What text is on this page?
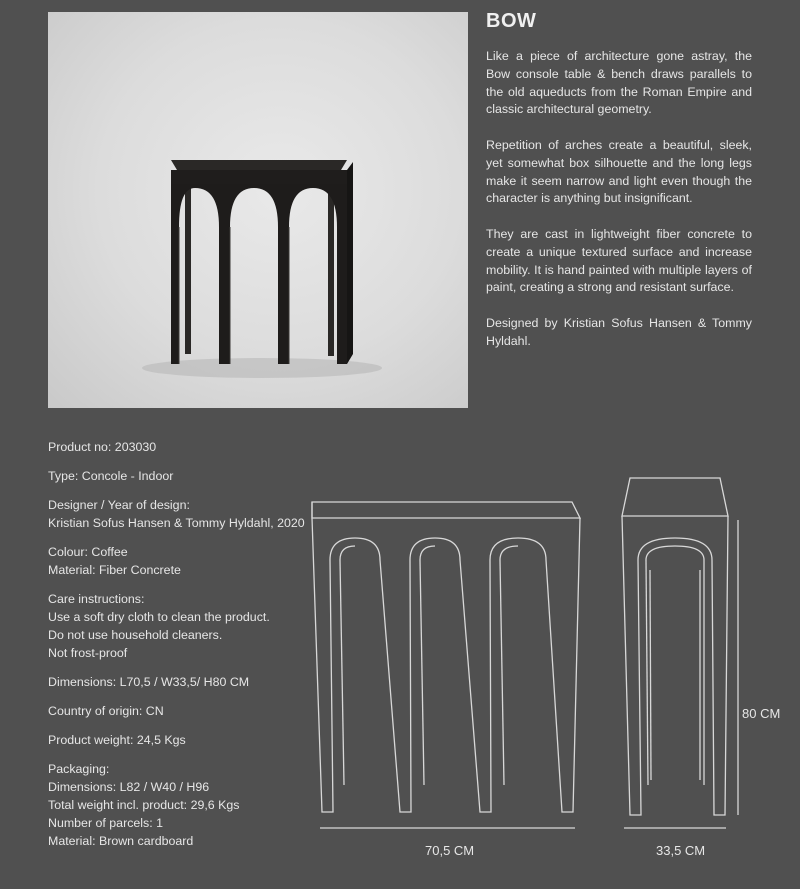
BOW

Like a piece of architecture gone astray, the Bow console table & bench draws parallels to the old aqueducts from the Roman Empire and classic architectural geometry.

Repetition of arches create a beautiful, sleek, yet somewhat box silhouette and the long legs make it seem narrow and light even though the character is anything but insignificant.

They are cast in lightweight fiber concrete to create a unique textured surface and increase mobility. It is hand painted with multiple layers of paint, creating a strong and resistant surface.

Designed by Kristian Sofus Hansen & Tommy Hyldahl.

Product no: 203030
Type: Concole - Indoor
Designer / Year of design:
Kristian Sofus Hansen & Tommy Hyldahl, 2020
Colour: Coffee
Material: Fiber Concrete
Care instructions:
Use a soft dry cloth to clean the product.
Do not use household cleaners.
Not frost-proof
Dimensions: L70,5 / W33,5/ H80 CM
Country of origin: CN
Product weight: 24,5 Kgs
Packaging:
Dimensions: L82 / W40 / H96
Total weight incl. product: 29,6 Kgs
Number of parcels: 1
Material: Brown cardboard
70,5 CM	33,5 CM
80 CM
